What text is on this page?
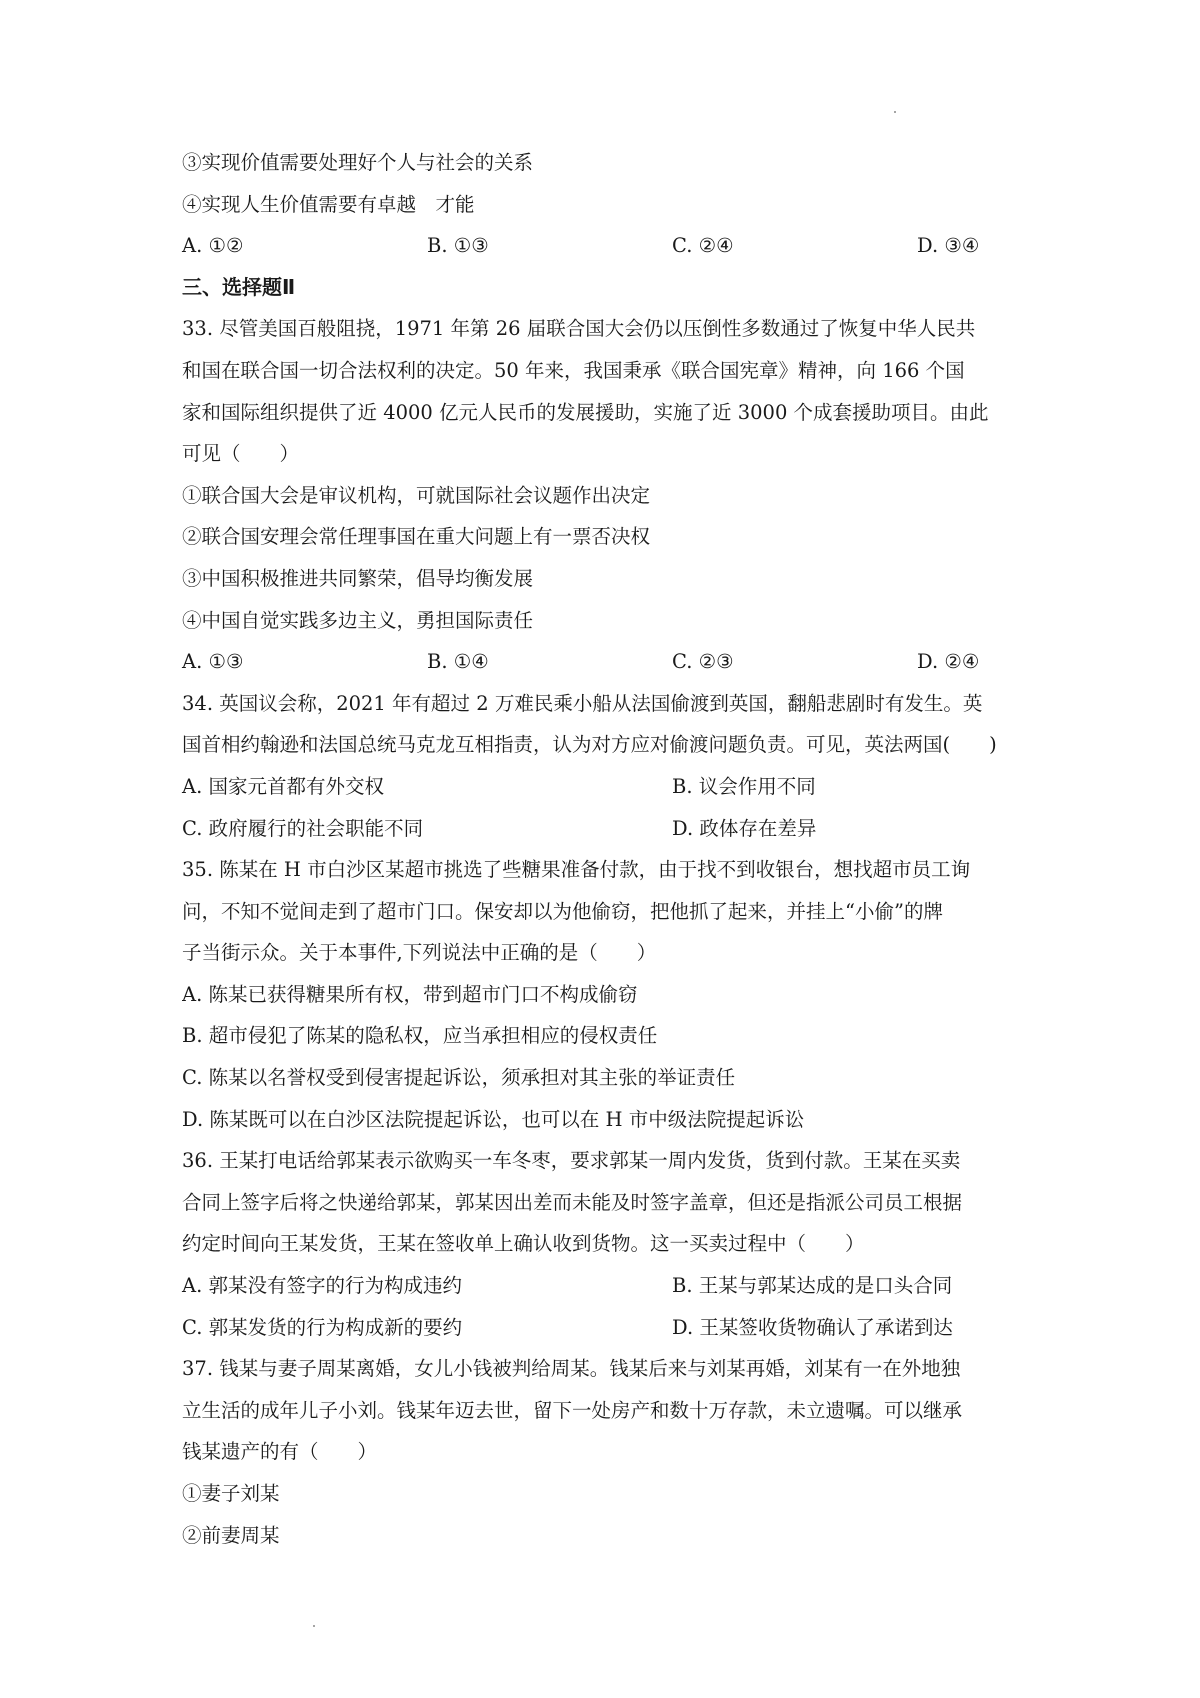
③实现价值需要处理好个人与社会的关系
④实现人生价值需要有卓越　才能
A. ①②	B. ①③	C. ②④	D. ③④
三、选择题Ⅱ
33. 尽管美国百般阻挠，1971 年第 26 届联合国大会仍以压倒性多数通过了恢复中华人民共
和国在联合国一切合法权利的决定。50 年来，我国秉承《联合国宪章》精神，向 166 个国
家和国际组织提供了近 4000 亿元人民币的发展援助，实施了近 3000 个成套援助项目。由此
可见（　　）
①联合国大会是审议机构，可就国际社会议题作出决定
②联合国安理会常任理事国在重大问题上有一票否决权
③中国积极推进共同繁荣，倡导均衡发展
④中国自觉实践多边主义，勇担国际责任
A. ①③	B. ①④	C. ②③	D. ②④
34. 英国议会称，2021 年有超过 2 万难民乘小船从法国偷渡到英国，翻船悲剧时有发生。英
国首相约翰逊和法国总统马克龙互相指责，认为对方应对偷渡问题负责。可见，英法两国(　　)
A. 国家元首都有外交权	B. 议会作用不同
C. 政府履行的社会职能不同	D. 政体存在差异
35. 陈某在 H 市白沙区某超市挑选了些糖果准备付款，由于找不到收银台，想找超市员工询
问，不知不觉间走到了超市门口。保安却以为他偷窃，把他抓了起来，并挂上“小偷”的牌
子当街示众。关于本事件,下列说法中正确的是（　　）
A. 陈某已获得糖果所有权，带到超市门口不构成偷窃
B. 超市侵犯了陈某的隐私权，应当承担相应的侵权责任
C. 陈某以名誉权受到侵害提起诉讼，须承担对其主张的举证责任
D. 陈某既可以在白沙区法院提起诉讼，也可以在 H 市中级法院提起诉讼
36. 王某打电话给郭某表示欲购买一车冬枣，要求郭某一周内发货，货到付款。王某在买卖
合同上签字后将之快递给郭某，郭某因出差而未能及时签字盖章，但还是指派公司员工根据
约定时间向王某发货，王某在签收单上确认收到货物。这一买卖过程中（　　）
A. 郭某没有签字的行为构成违约	B. 王某与郭某达成的是口头合同
C. 郭某发货的行为构成新的要约	D. 王某签收货物确认了承诺到达
37. 钱某与妻子周某离婚，女儿小钱被判给周某。钱某后来与刘某再婚，刘某有一在外地独
立生活的成年儿子小刘。钱某年迈去世，留下一处房产和数十万存款，未立遗嘱。可以继承
钱某遗产的有（　　）
①妻子刘某
②前妻周某
